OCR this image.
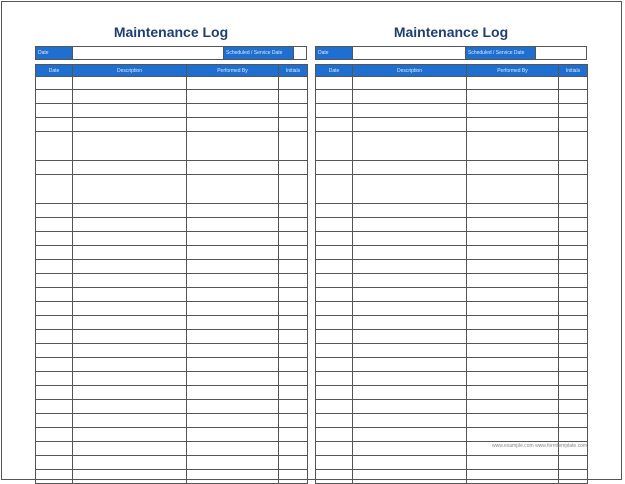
Maintenance Log
Date	Scheduled / Service Date
Date	Description	Performed By	Initials

Maintenance Log
Date	Scheduled / Service Date
Date	Description	Performed By	Initials

www.example.com www.formtemplate.com
